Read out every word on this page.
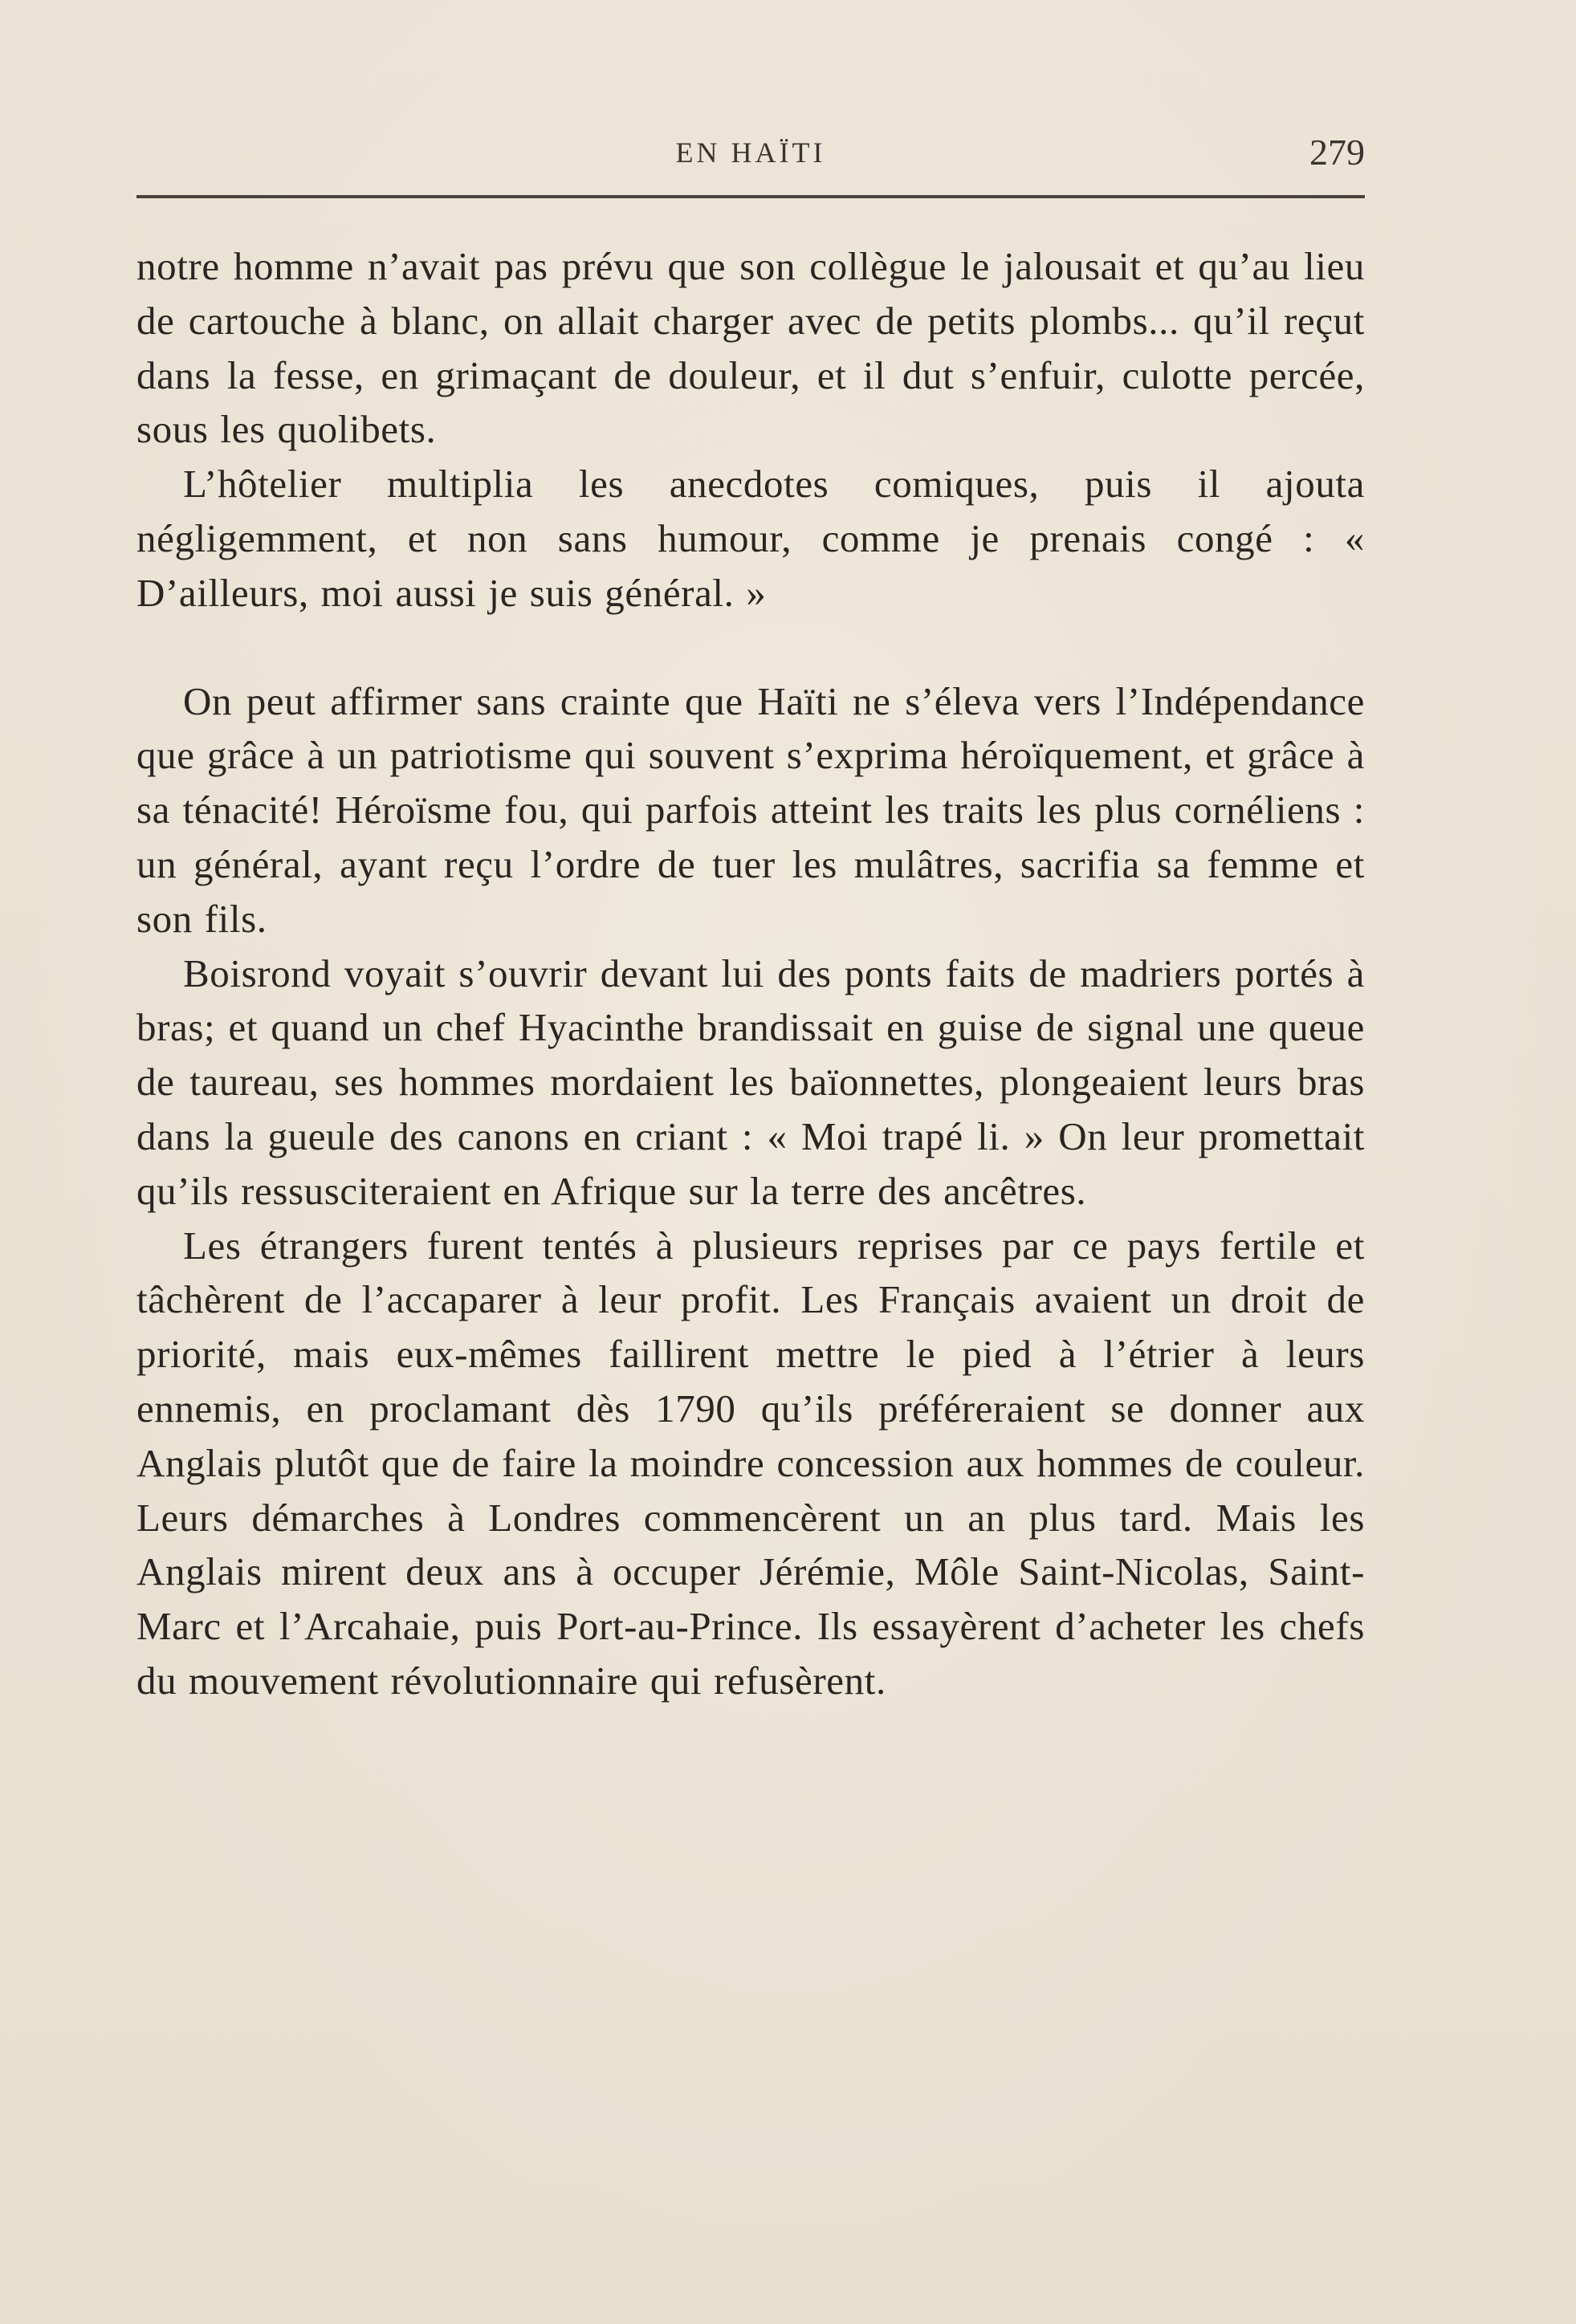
EN HAÏTI	279

notre homme n’avait pas prévu que son collègue le jalousait et qu’au lieu de cartouche à blanc, on allait charger avec de petits plombs... qu’il reçut dans la fesse, en grimaçant de douleur, et il dut s’enfuir, culotte percée, sous les quolibets.

L’hôtelier multiplia les anecdotes comiques, puis il ajouta négligemment, et non sans humour, comme je prenais congé : « D’ailleurs, moi aussi je suis général. »

On peut affirmer sans crainte que Haïti ne s’éleva vers l’Indépendance que grâce à un patriotisme qui souvent s’exprima héroïquement, et grâce à sa ténacité! Héroïsme fou, qui parfois atteint les traits les plus cornéliens : un général, ayant reçu l’ordre de tuer les mulâtres, sacrifia sa femme et son fils.

Boisrond voyait s’ouvrir devant lui des ponts faits de madriers portés à bras; et quand un chef Hyacinthe brandissait en guise de signal une queue de taureau, ses hommes mordaient les baïonnettes, plongeaient leurs bras dans la gueule des canons en criant : « Moi trapé li. » On leur promettait qu’ils ressusciteraient en Afrique sur la terre des ancêtres.

Les étrangers furent tentés à plusieurs reprises par ce pays fertile et tâchèrent de l’accaparer à leur profit. Les Français avaient un droit de priorité, mais eux-mêmes faillirent mettre le pied à l’étrier à leurs ennemis, en proclamant dès 1790 qu’ils préféreraient se donner aux Anglais plutôt que de faire la moindre concession aux hommes de couleur. Leurs démarches à Londres commencèrent un an plus tard. Mais les Anglais mirent deux ans à occuper Jérémie, Môle Saint-Nicolas, Saint-Marc et l’Arcahaie, puis Port-au-Prince. Ils essayèrent d’acheter les chefs du mouvement révolutionnaire qui refusèrent.
